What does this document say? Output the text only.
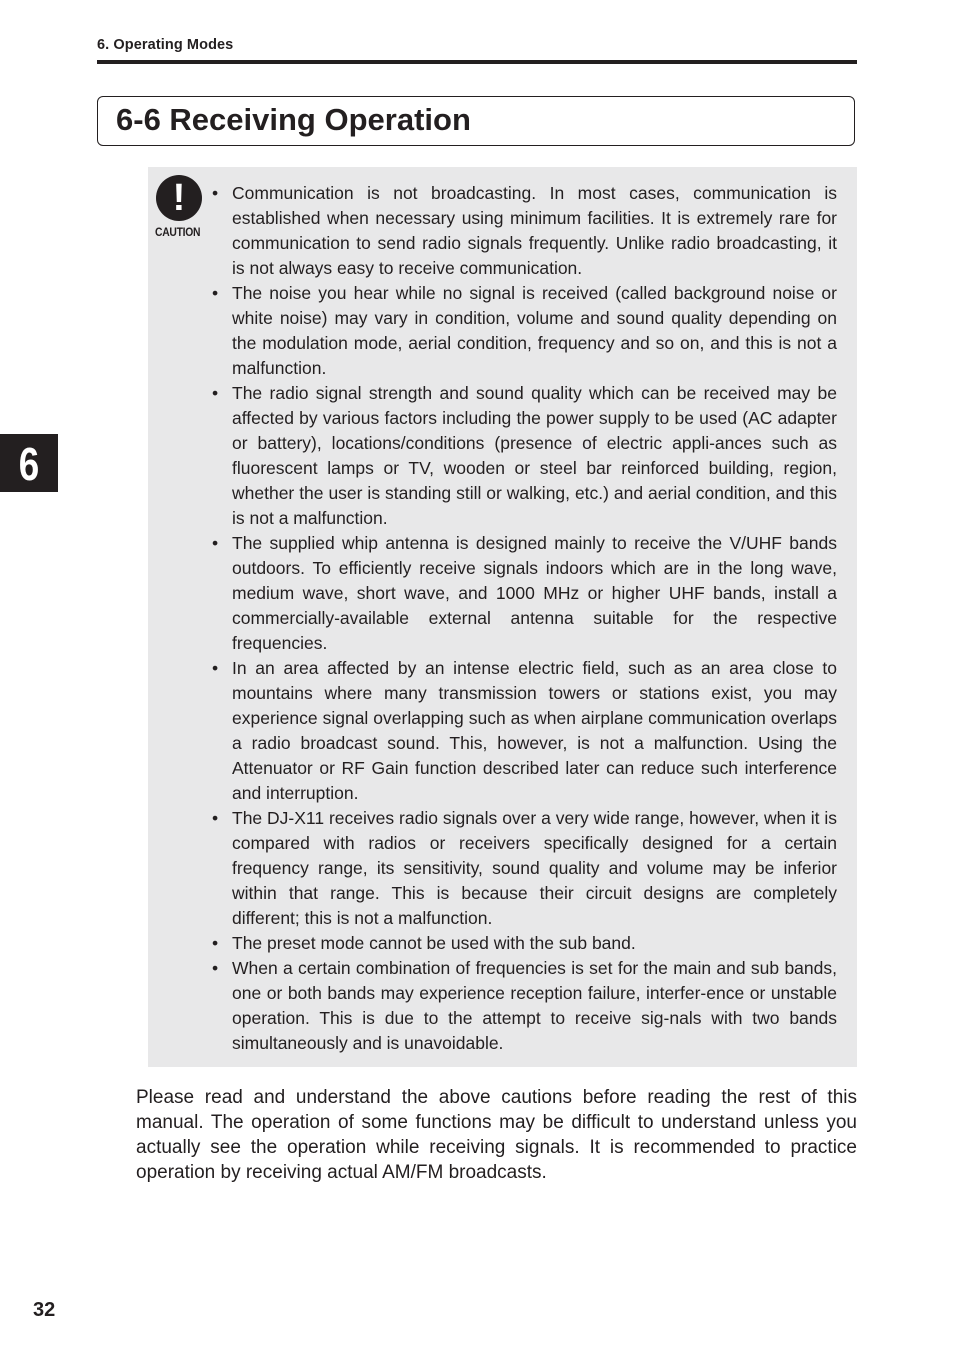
6. Operating Modes
6-6 Receiving Operation
6
!
CAUTION
• Communication is not broadcasting. In most cases, communication is established when necessary using minimum facilities. It is extremely rare for communication to send radio signals frequently. Unlike radio broadcasting, it is not always easy to receive communication.
• The noise you hear while no signal is received (called background noise or white noise) may vary in condition, volume and sound quality depending on the modulation mode, aerial condition, frequency and so on, and this is not a malfunction.
• The radio signal strength and sound quality which can be received may be affected by various factors including the power supply to be used (AC adapter or battery), locations/conditions (presence of electric appli-ances such as fluorescent lamps or TV, wooden or steel bar reinforced building, region, whether the user is standing still or walking, etc.) and aerial condition, and this is not a malfunction.
• The supplied whip antenna is designed mainly to receive the V/UHF bands outdoors. To efficiently receive signals indoors which are in the long wave, medium wave, short wave, and 1000 MHz or higher UHF bands, install a commercially-available external antenna suitable for the respective frequencies.
• In an area affected by an intense electric field, such as an area close to mountains where many transmission towers or stations exist, you may experience signal overlapping such as when airplane communication overlaps a radio broadcast sound. This, however, is not a malfunction. Using the Attenuator or RF Gain function described later can reduce such interference and interruption.
• The DJ-X11 receives radio signals over a very wide range, however, when it is compared with radios or receivers specifically designed for a certain frequency range, its sensitivity, sound quality and volume may be inferior within that range. This is because their circuit designs are completely different; this is not a malfunction.
• The preset mode cannot be used with the sub band.
• When a certain combination of frequencies is set for the main and sub bands, one or both bands may experience reception failure, interfer-ence or unstable operation. This is due to the attempt to receive sig-nals with two bands simultaneously and is unavoidable.

Please read and understand the above cautions before reading the rest of this manual. The operation of some functions may be difficult to understand unless you actually see the operation while receiving signals. It is recommended to practice operation by receiving actual AM/FM broadcasts.

32
